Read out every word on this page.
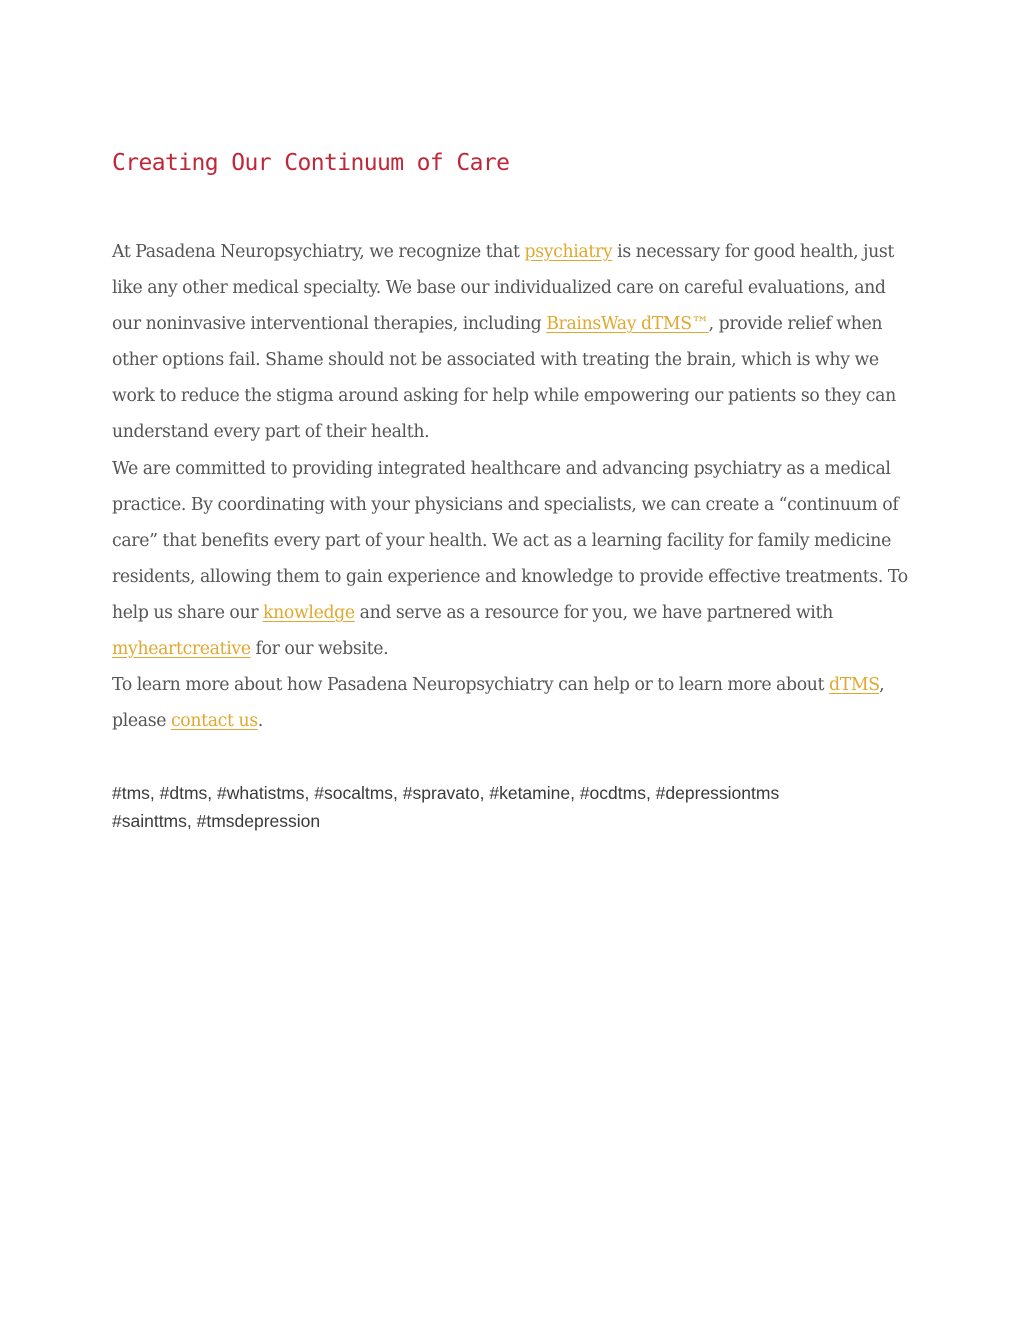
Creating Our Continuum of Care

At Pasadena Neuropsychiatry, we recognize that psychiatry is necessary for good health, just like any other medical specialty. We base our individualized care on careful evaluations, and our noninvasive interventional therapies, including BrainsWay dTMS™, provide relief when other options fail. Shame should not be associated with treating the brain, which is why we work to reduce the stigma around asking for help while empowering our patients so they can understand every part of their health.

We are committed to providing integrated healthcare and advancing psychiatry as a medical practice. By coordinating with your physicians and specialists, we can create a “continuum of care” that benefits every part of your health. We act as a learning facility for family medicine residents, allowing them to gain experience and knowledge to provide effective treatments. To help us share our knowledge and serve as a resource for you, we have partnered with myheartcreative for our website.

To learn more about how Pasadena Neuropsychiatry can help or to learn more about dTMS, please contact us.

#tms, #dtms, #whatistms, #socaltms, #spravato, #ketamine, #ocdtms, #depressiontms
#sainttms, #tmsdepression
